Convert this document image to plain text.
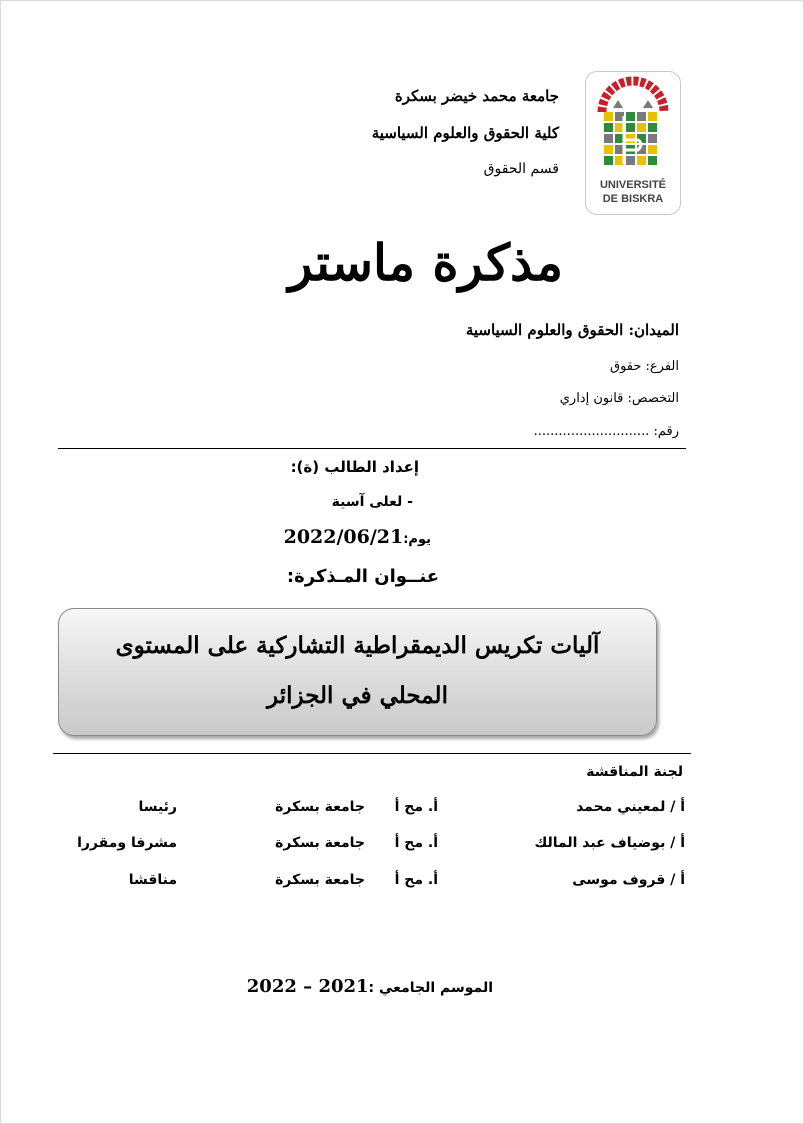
UNIVERSITÉ
DE BISKRA
جامعة محمد خيضر بسكرة
كلية الحقوق والعلوم السياسية
قسم الحقوق
مذكرة ماستر
الميدان: الحقوق والعلوم السياسية
الفرع: حقوق
التخصص: قانون إداري
رقم: ............................
إعداد الطالب (ة):
- لعلى آسية
يوم:2022/06/21
عنــوان المـذكرة:
آليات تكريس الديمقراطية التشاركية على المستوى
المحلي في الجزائر
لجنة المناقشة
أ / لمعيني محمد
أ. مح أ
جامعة بسكرة
رئيسا
أ / بوضياف عبد المالك
أ. مح أ
جامعة بسكرة
مشرفا ومقررا
أ / قروف موسى
أ. مح أ
جامعة بسكرة
مناقشا
الموسم الجامعي :2021 – 2022
